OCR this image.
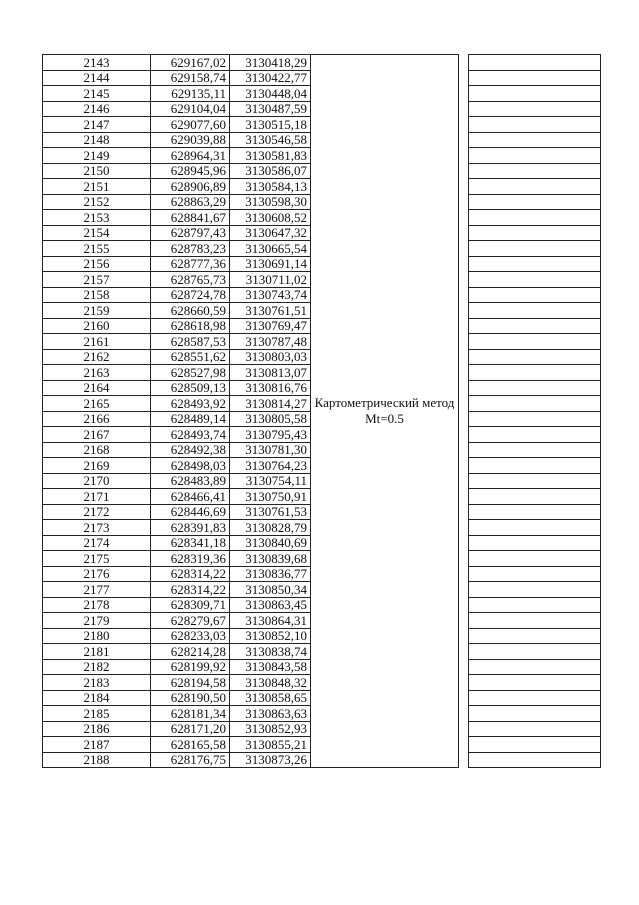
2143	629167,02	3130418,29	Картометрический метод Mt=0.5		
2144	629158,74	3130422,77			
2145	629135,11	3130448,04			
2146	629104,04	3130487,59			
2147	629077,60	3130515,18			
2148	629039,88	3130546,58			
2149	628964,31	3130581,83			
2150	628945,96	3130586,07			
2151	628906,89	3130584,13			
2152	628863,29	3130598,30			
2153	628841,67	3130608,52			
2154	628797,43	3130647,32			
2155	628783,23	3130665,54			
2156	628777,36	3130691,14			
2157	628765,73	3130711,02			
2158	628724,78	3130743,74			
2159	628660,59	3130761,51			
2160	628618,98	3130769,47			
2161	628587,53	3130787,48			
2162	628551,62	3130803,03			
2163	628527,98	3130813,07			
2164	628509,13	3130816,76			
2165	628493,92	3130814,27			
2166	628489,14	3130805,58			
2167	628493,74	3130795,43			
2168	628492,38	3130781,30			
2169	628498,03	3130764,23			
2170	628483,89	3130754,11			
2171	628466,41	3130750,91			
2172	628446,69	3130761,53			
2173	628391,83	3130828,79			
2174	628341,18	3130840,69			
2175	628319,36	3130839,68			
2176	628314,22	3130836,77			
2177	628314,22	3130850,34			
2178	628309,71	3130863,45			
2179	628279,67	3130864,31			
2180	628233,03	3130852,10			
2181	628214,28	3130838,74			
2182	628199,92	3130843,58			
2183	628194,58	3130848,32			
2184	628190,50	3130858,65			
2185	628181,34	3130863,63			
2186	628171,20	3130852,93			
2187	628165,58	3130855,21			
2188	628176,75	3130873,26			
